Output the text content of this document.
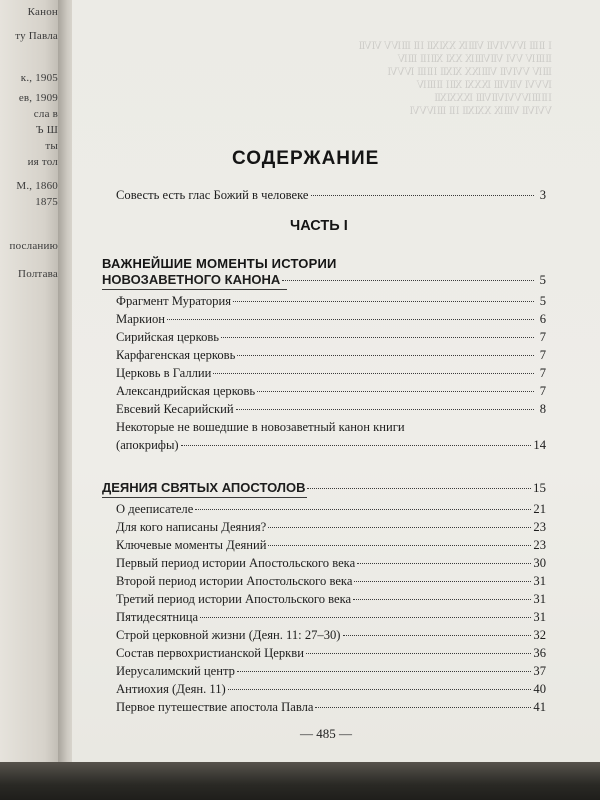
Канон
ту Павла
к., 1905
ев, 1909
сла в
Ъ Ш
ты
ия тол
М., 1860
1875
посланию
Полтава
Ⅰ ⅡⅢ ⅣⅤⅥⅦ ⅧⅨ ⅩⅪⅫ ⅠⅡ ⅢⅣⅤ ⅥⅦ
ⅡⅢⅣ ⅤⅥ ⅦⅧⅨ ⅩⅪ ⅫⅠⅡ ⅢⅣ
ⅢⅣ ⅤⅥⅦ ⅧⅨⅩ ⅪⅫ ⅠⅡⅢ ⅣⅤⅥ
ⅣⅤⅥ ⅦⅧ ⅨⅩⅪ ⅫⅠ ⅡⅢⅣ
ⅠⅡⅢⅣⅤⅥⅦⅧ ⅨⅩⅪⅫ
ⅤⅥⅦ ⅧⅨ ⅩⅪⅫ ⅠⅡ ⅢⅣⅤⅥ
СОДЕРЖАНИЕ
Совесть есть глас Божий в человеке	3
ЧАСТЬ I
ВАЖНЕЙШИЕ МОМЕНТЫ ИСТОРИИ
НОВОЗАВЕТНОГО КАНОНА	5
Фрагмент Муратория	5
Маркион	6
Сирийская церковь	7
Карфагенская церковь	7
Церковь в Галлии	7
Александрийская церковь	7
Евсевий Кесарийский	8
Некоторые не вошедшие в новозаветный канон книги
(апокрифы)	14
ДЕЯНИЯ СВЯТЫХ АПОСТОЛОВ	15
О дееписателе	21
Для кого написаны Деяния?	23
Ключевые моменты Деяний	23
Первый период истории Апостольского века	30
Второй период истории Апостольского века	31
Третий период истории Апостольского века	31
Пятидесятница	31
Строй церковной жизни (Деян. 11: 27–30)	32
Состав первохристианской Церкви	36
Иерусалимский центр	37
Антиохия (Деян. 11)	40
Первое путешествие апостола Павла	41
— 485 —
